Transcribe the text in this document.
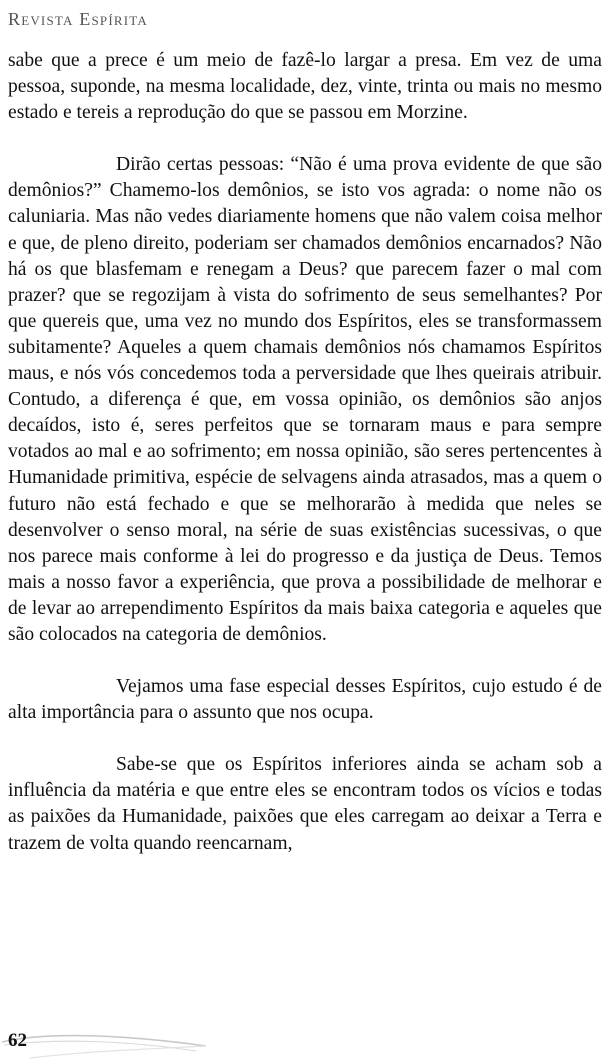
Revista Espírita

sabe que a prece é um meio de fazê-lo largar a presa. Em vez de uma pessoa, suponde, na mesma localidade, dez, vinte, trinta ou mais no mesmo estado e tereis a reprodução do que se passou em Morzine.

Dirão certas pessoas: “Não é uma prova evidente de que são demônios?” Chamemo-los demônios, se isto vos agrada: o nome não os caluniaria. Mas não vedes diariamente homens que não valem coisa melhor e que, de pleno direito, poderiam ser chamados demônios encarnados? Não há os que blasfemam e renegam a Deus? que parecem fazer o mal com prazer? que se regozijam à vista do sofrimento de seus semelhantes? Por que quereis que, uma vez no mundo dos Espíritos, eles se transformassem subitamente? Aqueles a quem chamais demônios nós chamamos Espíritos maus, e nós vós concedemos toda a perversidade que lhes queirais atribuir. Contudo, a diferença é que, em vossa opinião, os demônios são anjos decaídos, isto é, seres perfeitos que se tornaram maus e para sempre votados ao mal e ao sofrimento; em nossa opinião, são seres pertencentes à Humanidade primitiva, espécie de selvagens ainda atrasados, mas a quem o futuro não está fechado e que se melhorarão à medida que neles se desenvolver o senso moral, na série de suas existências sucessivas, o que nos parece mais conforme à lei do progresso e da justiça de Deus. Temos mais a nosso favor a experiência, que prova a possibilidade de melhorar e de levar ao arrependimento Espíritos da mais baixa categoria e aqueles que são colocados na categoria de demônios.

Vejamos uma fase especial desses Espíritos, cujo estudo é de alta importância para o assunto que nos ocupa.

Sabe-se que os Espíritos inferiores ainda se acham sob a influência da matéria e que entre eles se encontram todos os vícios e todas as paixões da Humanidade, paixões que eles carregam ao deixar a Terra e trazem de volta quando reencarnam,

62
